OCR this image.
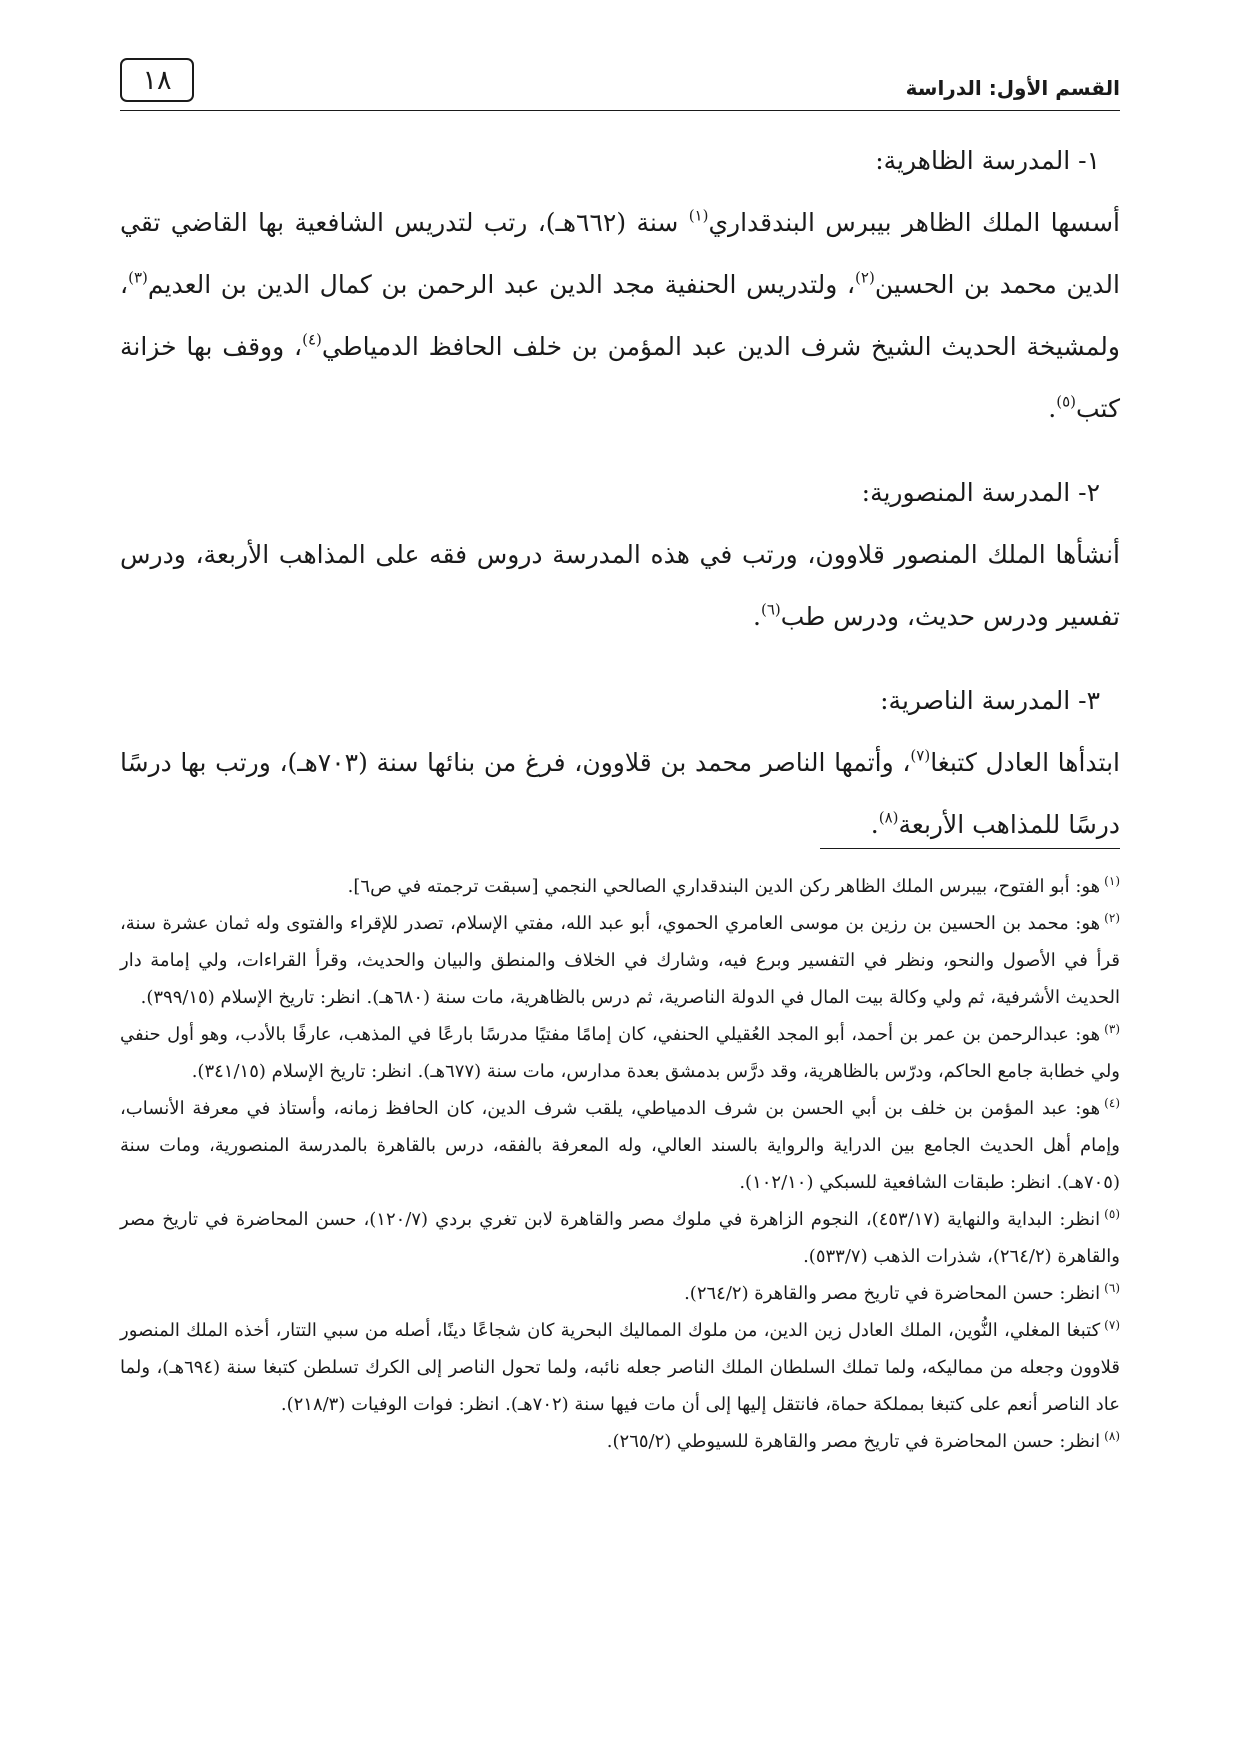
١٨	القسم الأول: الدراسة

١- المدرسة الظاهرية:

أسسها الملك الظاهر بيبرس البندقداري$^{(١)}$ سنة (٦٦٢هـ)، رتب لتدريس الشافعية بها القاضي تقي الدين محمد بن الحسين$^{(٢)}$، ولتدريس الحنفية مجد الدين عبد الرحمن بن كمال الدين بن العديم$^{(٣)}$، ولمشيخة الحديث الشيخ شرف الدين عبد المؤمن بن خلف الحافظ الدمياطي$^{(٤)}$، ووقف بها خزانة كتب$^{(٥)}$.

٢- المدرسة المنصورية:

أنشأها الملك المنصور قلاوون، ورتب في هذه المدرسة دروس فقه على المذاهب الأربعة، ودرس تفسير ودرس حديث، ودرس طب$^{(٦)}$.

٣- المدرسة الناصرية:

ابتدأها العادل كتبغا$^{(٧)}$، وأتمها الناصر محمد بن قلاوون، فرغ من بنائها سنة (٧٠٣هـ)، ورتب بها درسًا درسًا للمذاهب الأربعة$^{(٨)}$.

$^{(١)}$هو: أبو الفتوح، بيبرس الملك الظاهر ركن الدين البندقداري الصالحي النجمي [سبقت ترجمته في ص٦].

$^{(٢)}$هو: محمد بن الحسين بن رزين بن موسى العامري الحموي، أبو عبد الله، مفتي الإسلام، تصدر للإقراء والفتوى وله ثمان عشرة سنة، قرأ في الأصول والنحو، ونظر في التفسير وبرع فيه، وشارك في الخلاف والمنطق والبيان والحديث، وقرأ القراءات، ولي إمامة دار الحديث الأشرفية، ثم ولي وكالة بيت المال في الدولة الناصرية، ثم درس بالظاهرية، مات سنة (٦٨٠هـ). انظر: تاريخ الإسلام (٣٩٩/١٥).

$^{(٣)}$هو: عبدالرحمن بن عمر بن أحمد، أبو المجد العُقيلي الحنفي، كان إمامًا مفتيًا مدرسًا بارعًا في المذهب، عارفًا بالأدب، وهو أول حنفي ولي خطابة جامع الحاكم، ودرّس بالظاهرية، وقد درَّس بدمشق بعدة مدارس، مات سنة (٦٧٧هـ). انظر: تاريخ الإسلام (٣٤١/١٥).

$^{(٤)}$هو: عبد المؤمن بن خلف بن أبي الحسن بن شرف الدمياطي، يلقب شرف الدين، كان الحافظ زمانه، وأستاذ في معرفة الأنساب، وإمام أهل الحديث الجامع بين الدراية والرواية بالسند العالي، وله المعرفة بالفقه، درس بالقاهرة بالمدرسة المنصورية، ومات سنة (٧٠٥هـ). انظر: طبقات الشافعية للسبكي (١٠٢/١٠).

$^{(٥)}$انظر: البداية والنهاية (٤٥٣/١٧)، النجوم الزاهرة في ملوك مصر والقاهرة لابن تغري بردي (١٢٠/٧)، حسن المحاضرة في تاريخ مصر والقاهرة (٢٦٤/٢)، شذرات الذهب (٥٣٣/٧).

$^{(٦)}$انظر: حسن المحاضرة في تاريخ مصر والقاهرة (٢٦٤/٢).

$^{(٧)}$كتبغا المغلي، النُّوين، الملك العادل زين الدين، من ملوك المماليك البحرية كان شجاعًا دينًا، أصله من سبي التتار، أخذه الملك المنصور قلاوون وجعله من مماليكه، ولما تملك السلطان الملك الناصر جعله نائبه، ولما تحول الناصر إلى الكرك تسلطن كتبغا سنة (٦٩٤هـ)، ولما عاد الناصر أنعم على كتبغا بمملكة حماة، فانتقل إليها إلى أن مات فيها سنة (٧٠٢هـ). انظر: فوات الوفيات (٢١٨/٣).

$^{(٨)}$انظر: حسن المحاضرة في تاريخ مصر والقاهرة للسيوطي (٢٦٥/٢).
